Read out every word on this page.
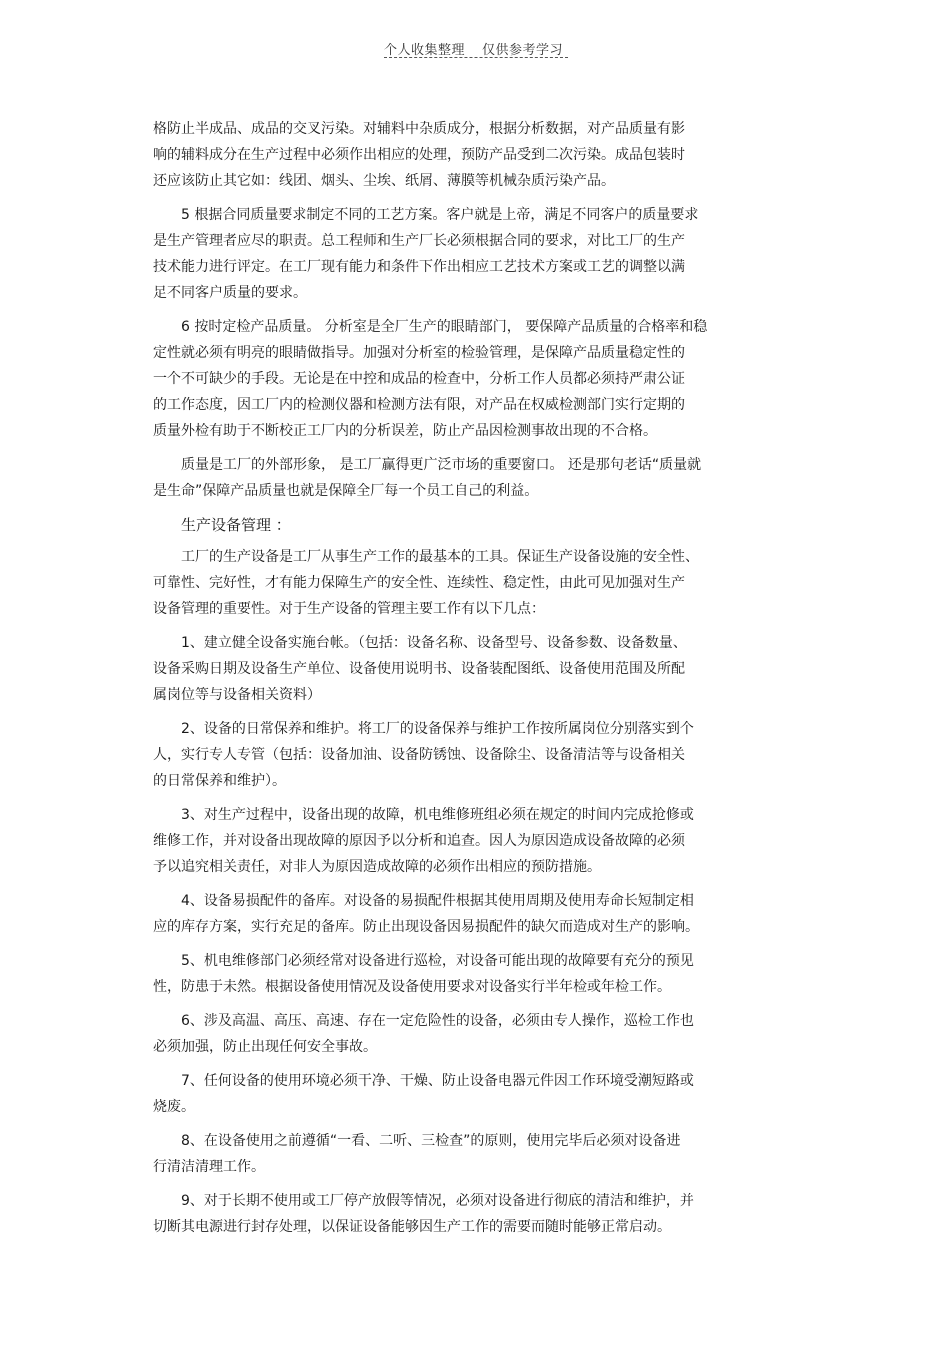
个人收集整理 仅供参考学习

格防止半成品、成品的交叉污染。对辅料中杂质成分，根据分析数据，对产品质量有影
响的辅料成分在生产过程中必须作出相应的处理，预防产品受到二次污染。成品包装时
还应该防止其它如：线团、烟头、尘埃、纸屑、薄膜等机械杂质污染产品。

5 根据合同质量要求制定不同的工艺方案。客户就是上帝，满足不同客户的质量要求
是生产管理者应尽的职责。总工程师和生产厂长必须根据合同的要求，对比工厂的生产
技术能力进行评定。在工厂现有能力和条件下作出相应工艺技术方案或工艺的调整以满
足不同客户质量的要求。

6 按时定检产品质量。 分析室是全厂生产的眼睛部门， 要保障产品质量的合格率和稳
定性就必须有明亮的眼睛做指导。加强对分析室的检验管理，是保障产品质量稳定性的
一个不可缺少的手段。无论是在中控和成品的检查中，分析工作人员都必须持严肃公证
的工作态度，因工厂内的检测仪器和检测方法有限，对产品在权威检测部门实行定期的
质量外检有助于不断校正工厂内的分析误差，防止产品因检测事故出现的不合格。

质量是工厂的外部形象， 是工厂赢得更广泛市场的重要窗口。 还是那句老话“质量就
是生命”保障产品质量也就是保障全厂每一个员工自己的利益。

生产设备管理 ：

工厂的生产设备是工厂从事生产工作的最基本的工具。保证生产设备设施的安全性、
可靠性、完好性，才有能力保障生产的安全性、连续性、稳定性，由此可见加强对生产
设备管理的重要性。对于生产设备的管理主要工作有以下几点：

1、建立健全设备实施台帐。（包括：设备名称、设备型号、设备参数、设备数量、
设备采购日期及设备生产单位、设备使用说明书、设备装配图纸、设备使用范围及所配
属岗位等与设备相关资料）

2、设备的日常保养和维护。将工厂的设备保养与维护工作按所属岗位分别落实到个
人，实行专人专管（包括：设备加油、设备防锈蚀、设备除尘、设备清洁等与设备相关
的日常保养和维护）。

3、对生产过程中，设备出现的故障，机电维修班组必须在规定的时间内完成抢修或
维修工作，并对设备出现故障的原因予以分析和追查。因人为原因造成设备故障的必须
予以追究相关责任，对非人为原因造成故障的必须作出相应的预防措施。

4、设备易损配件的备库。对设备的易损配件根据其使用周期及使用寿命长短制定相
应的库存方案，实行充足的备库。防止出现设备因易损配件的缺欠而造成对生产的影响。

5、机电维修部门必须经常对设备进行巡检，对设备可能出现的故障要有充分的预见
性，防患于未然。根据设备使用情况及设备使用要求对设备实行半年检或年检工作。

6、涉及高温、高压、高速、存在一定危险性的设备，必须由专人操作，巡检工作也
必须加强，防止出现任何安全事故。

7、任何设备的使用环境必须干净、干燥、防止设备电器元件因工作环境受潮短路或
烧废。

8、在设备使用之前遵循“一看、二听、三检查”的原则，使用完毕后必须对设备进
行清洁清理工作。

9、对于长期不使用或工厂停产放假等情况，必须对设备进行彻底的清洁和维护，并
切断其电源进行封存处理，以保证设备能够因生产工作的需要而随时能够正常启动。
